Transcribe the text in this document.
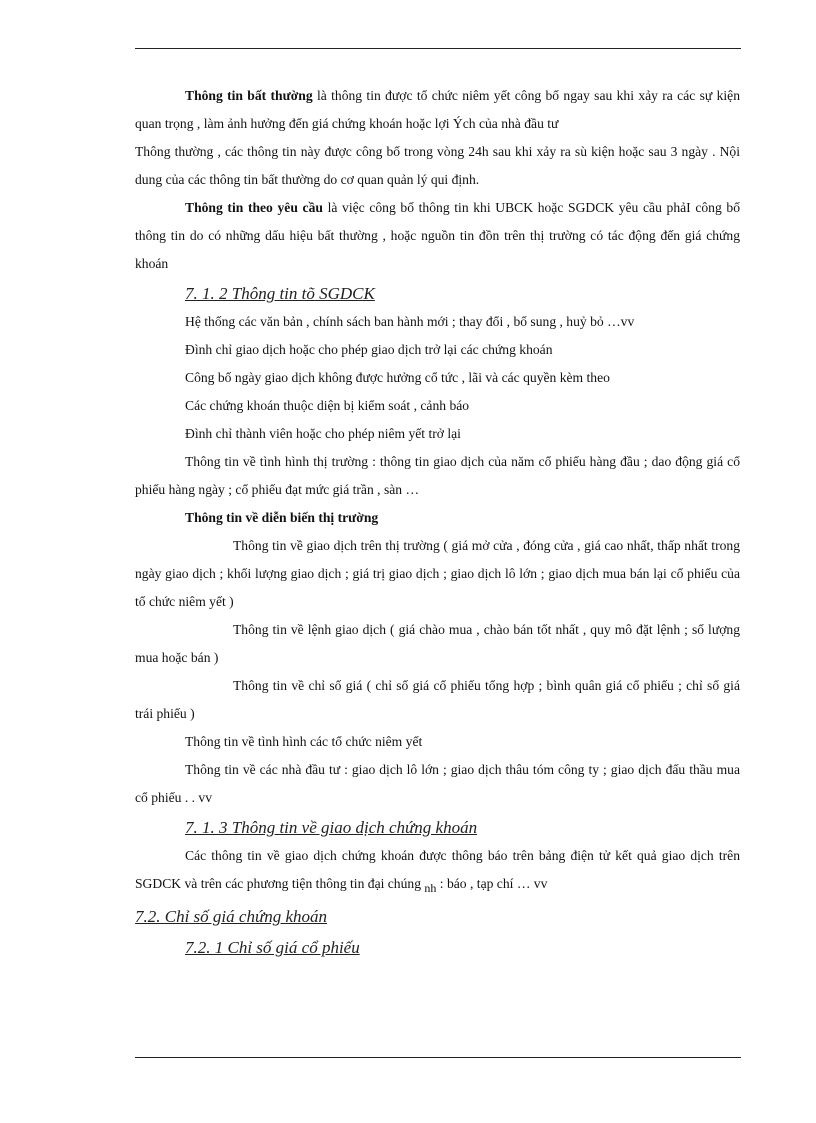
Thông tin bất thường là thông tin được tổ chức niêm yết công bố ngay sau khi xảy ra các sự kiện quan trọng , làm ảnh hưởng đến giá chứng khoán hoặc lợi Ých của nhà đầu tư

Thông thường , các thông tin này được công bố trong vòng 24h sau khi xảy ra sù kiện hoặc sau 3 ngày . Nội dung của các thông tin bất thường do cơ quan quản lý qui định.

Thông tin theo yêu cầu là việc công bố thông tin khi UBCK hoặc SGDCK yêu cầu phảI công bố thông tin do có những dấu hiệu bất thường , hoặc nguồn tin đồn trên thị trường có tác động đến giá chứng khoán

7. 1. 2 Thông tin tõ SGDCK

Hệ thống các văn bản , chính sách ban hành mới ; thay đổi , bổ sung , huỷ bỏ …vv

Đình chỉ giao dịch hoặc cho phép giao dịch trở lại các chứng khoán

Công bố ngày giao dịch không được hưởng cổ tức , lãi và các quyền kèm theo

Các chứng khoán thuộc diện bị kiểm soát , cảnh báo

Đình chỉ thành viên hoặc cho phép niêm yết trở lại

Thông tin về tình hình thị trường : thông tin giao dịch của năm cổ phiếu hàng đầu ; dao động giá cổ phiếu hàng ngày ; cổ phiếu đạt mức giá trần , sàn …

Thông tin về diễn biến thị trường

Thông tin về giao dịch trên thị trường ( giá mở cửa , đóng cửa , giá cao nhất, thấp nhất trong ngày giao dịch ; khối lượng giao dịch ; giá trị giao dịch ; giao dịch lô lớn ; giao dịch mua bán lại cổ phiếu của tổ chức niêm yết )

Thông tin về lệnh giao dịch ( giá chào mua , chào bán tốt nhất , quy mô đặt lệnh ; số lượng mua hoặc bán )

Thông tin về chỉ số giá ( chỉ số giá cổ phiếu tổng hợp ; bình quân giá cổ phiếu ; chỉ số giá trái phiếu )

Thông tin về tình hình các tổ chức niêm yết

Thông tin về các nhà đầu tư : giao dịch lô lớn ; giao dịch thâu tóm công ty ; giao dịch đấu thầu mua cổ phiếu . . vv

7. 1. 3 Thông tin về giao dịch chứng khoán

Các thông tin về giao dịch chứng khoán được thông báo trên bảng điện tử kết quả giao dịch trên SGDCK và trên các phương tiện thông tin đại chúng nh : báo , tạp chí … vv

7.2. Chỉ số giá chứng khoán

7.2. 1 Chỉ số giá cổ phiếu
